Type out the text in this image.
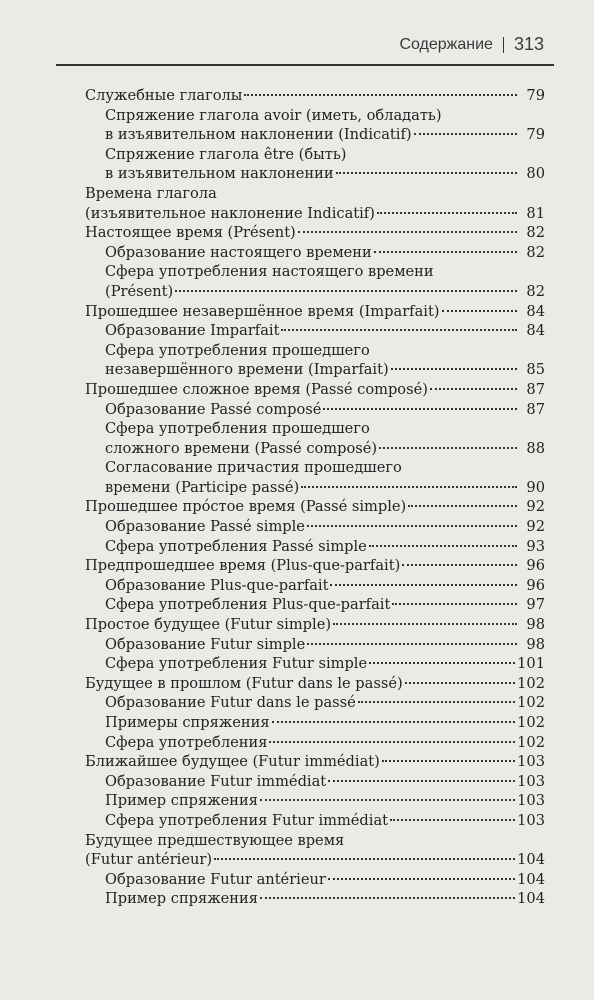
Содержание 313
Служебные глаголы	79
Спряжение глагола avoir (иметь, обладать)
в изъявительном наклонении (Indicatif)	79
Спряжение глагола être (быть)
в изъявительном наклонении	80
Времена глагола
(изъявительное наклонение Indicatif)	81
Настоящее время (Présent)	82
Образование настоящего времени	82
Сфера употребления настоящего времени
(Présent)	82
Прошедшее незавершённое время (Imparfait)	84
Образование Imparfait	84
Сфера употребления прошедшего
незавершённого времени (Imparfait)	85
Прошедшее сложное время (Passé composé)	87
Образование Passé composé	87
Сфера употребления прошедшего
сложного времени (Passé composé)	88
Согласование причастия прошедшего
времени (Participe passé)	90
Прошедшее прóстое время (Passé simple)	92
Образование Passé simple	92
Сфера употребления Passé simple	93
Предпрошедшее время (Plus-que-parfait)	96
Образование Plus-que-parfait	96
Сфера употребления Plus-que-parfait	97
Простое будущее (Futur simple)	98
Образование Futur simple	98
Сфера употребления Futur simple	101
Будущее в прошлом (Futur dans le passé)	102
Образование Futur dans le passé	102
Примеры спряжения	102
Сфера употребления	102
Ближайшее будущее (Futur immédiat)	103
Образование Futur immédiat	103
Пример спряжения	103
Сфера употребления Futur immédiat	103
Будущее предшествующее время
(Futur antérieur)	104
Образование Futur antérieur	104
Пример спряжения	104
